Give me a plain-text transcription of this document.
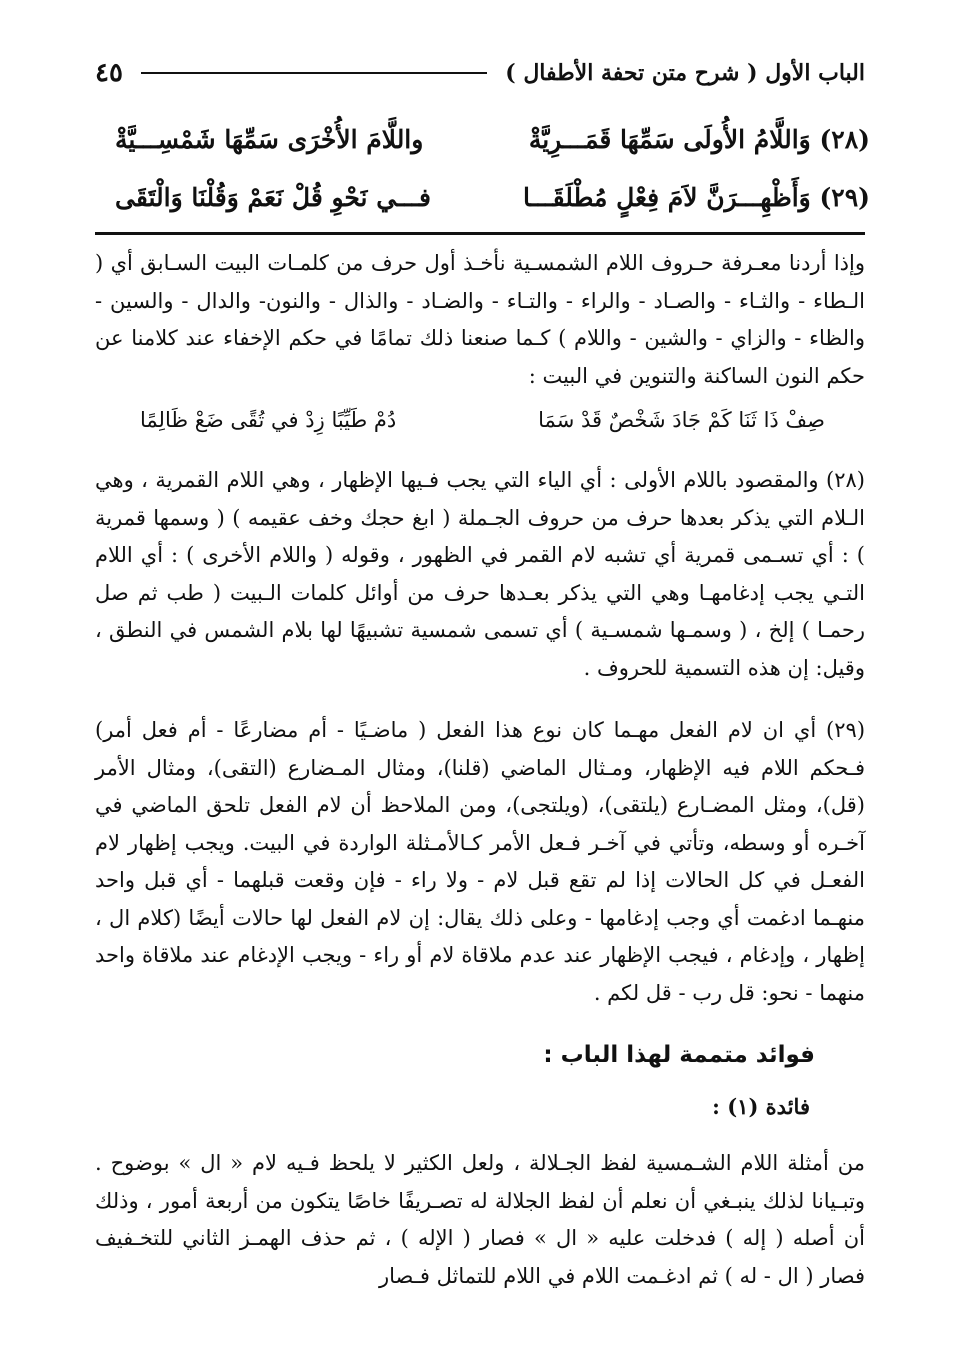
الباب الأول ( شرح متن تحفة الأطفال )
٤٥
(٢٨) وَاللَّامُ الأُولَى سَمِّهَا قَمَـــرِيَّةْ
واللَّامَ الأُخْرَى سَمِّهَا شَمْسِـــيَّةْ
(٢٩) وَأَظْهِـــرَنَّ لاَمَ فِعْلٍ مُطْلَقَـــا
فـــي نَحْوِ قُلْ نَعَمْ وَقُلْنَا وَالْتَقَى
وإذا أردنا معـرفة حـروف اللام الشمسـية نأخـذ أول حرف من كلمـات البيت السـابق أي ( الـطاء - والثـاء - والصـاد - والراء - والتـاء - والضـاد - والذال - والنون- والدال - والسين - والظاء - والزاي - والشين - واللام ) كـما صنعنا ذلك تمامًا في حكم الإخفاء عند كلامنا عن حكم النون الساكنة والتنوين في البيت :
صِفْ ذَا ثَنَا كَمْ جَادَ شَخْصٌ قَدْ سَمَا
دُمْ طَيِّبًا زِدْ في تُقًى ضَعْ ظَالِمًا
(٢٨) والمقصود باللام الأولى : أي الياء التي يجب فـيها الإظهار ، وهي اللام القمرية ، وهي الـلام التي يذكر بعدها حرف من حروف الجـملة ( ابغ حجك وخف عقيمه ) ( وسمها قمرية ) : أي تسـمى قمرية أي تشبه لام القمر في الظهور ، وقوله ( واللام الأخرى ) : أي اللام التـي يجب إدغامهـا وهي التي يذكر بعـدها حرف من أوائل كلمات الـبيت ( طب ثم صل رحمـا ) إلخ ، ( وسمـها شمسـية ) أي تسمى شمسية تشبيهًا لها بلام الشمس في النطق ، وقيل: إن هذه التسمية للحروف .
(٢٩) أي ان لام الفعل مهـما كان نوع هذا الفعل ( ماضـيًا - أم مضارعًا - أم فعل أمر) فـحكم اللام فيه الإظهار، ومـثال الماضي (قلنا)، ومثال المـضارع (التقى)، ومثال الأمر (قل)، ومثل المضـارع (يلتقى)، (ويلتجى)، ومن الملاحظ أن لام الفعل تلحق الماضي في آخـره أو وسطه، وتأتي في آخـر فـعل الأمر كـالأمـثلة الواردة في البيت. ويجب إظهار لام الفعـل في كل الحالات إذا لم تقع قبل لام - ولا راء - فإن وقعت قبلهما - أي قبل واحد منهـما ادغمت أي وجب إدغامها - وعلى ذلك يقال: إن لام الفعل لها حالات أيضًا (كلام ال ، إظهار ، وإدغام ، فيجب الإظهار عند عدم ملاقاة لام أو راء - ويجب الإدغام عند ملاقاة واحد منهما - نحو: قل رب - قل لكم .
فوائد متممة لهذا الباب :
فائدة (١) :
من أمثلة اللام الشـمسية لفظ الجـلالة ، ولعل الكثير لا يلحظ فـيه لام « ال » بوضوح . وتبـيانا لذلك ينبـغي أن نعلم أن لفظ الجلالة له تصـريفًا خاصًا يتكون من أربعة أمور ، وذلك أن أصله ( إله ) فدخلت عليه « ال » فصار ( الإله ) ، ثم حذف الهمـز الثاني للتخـفيف فصار ( ال - له ) ثم ادغـمت اللام في اللام للتماثل فـصار
